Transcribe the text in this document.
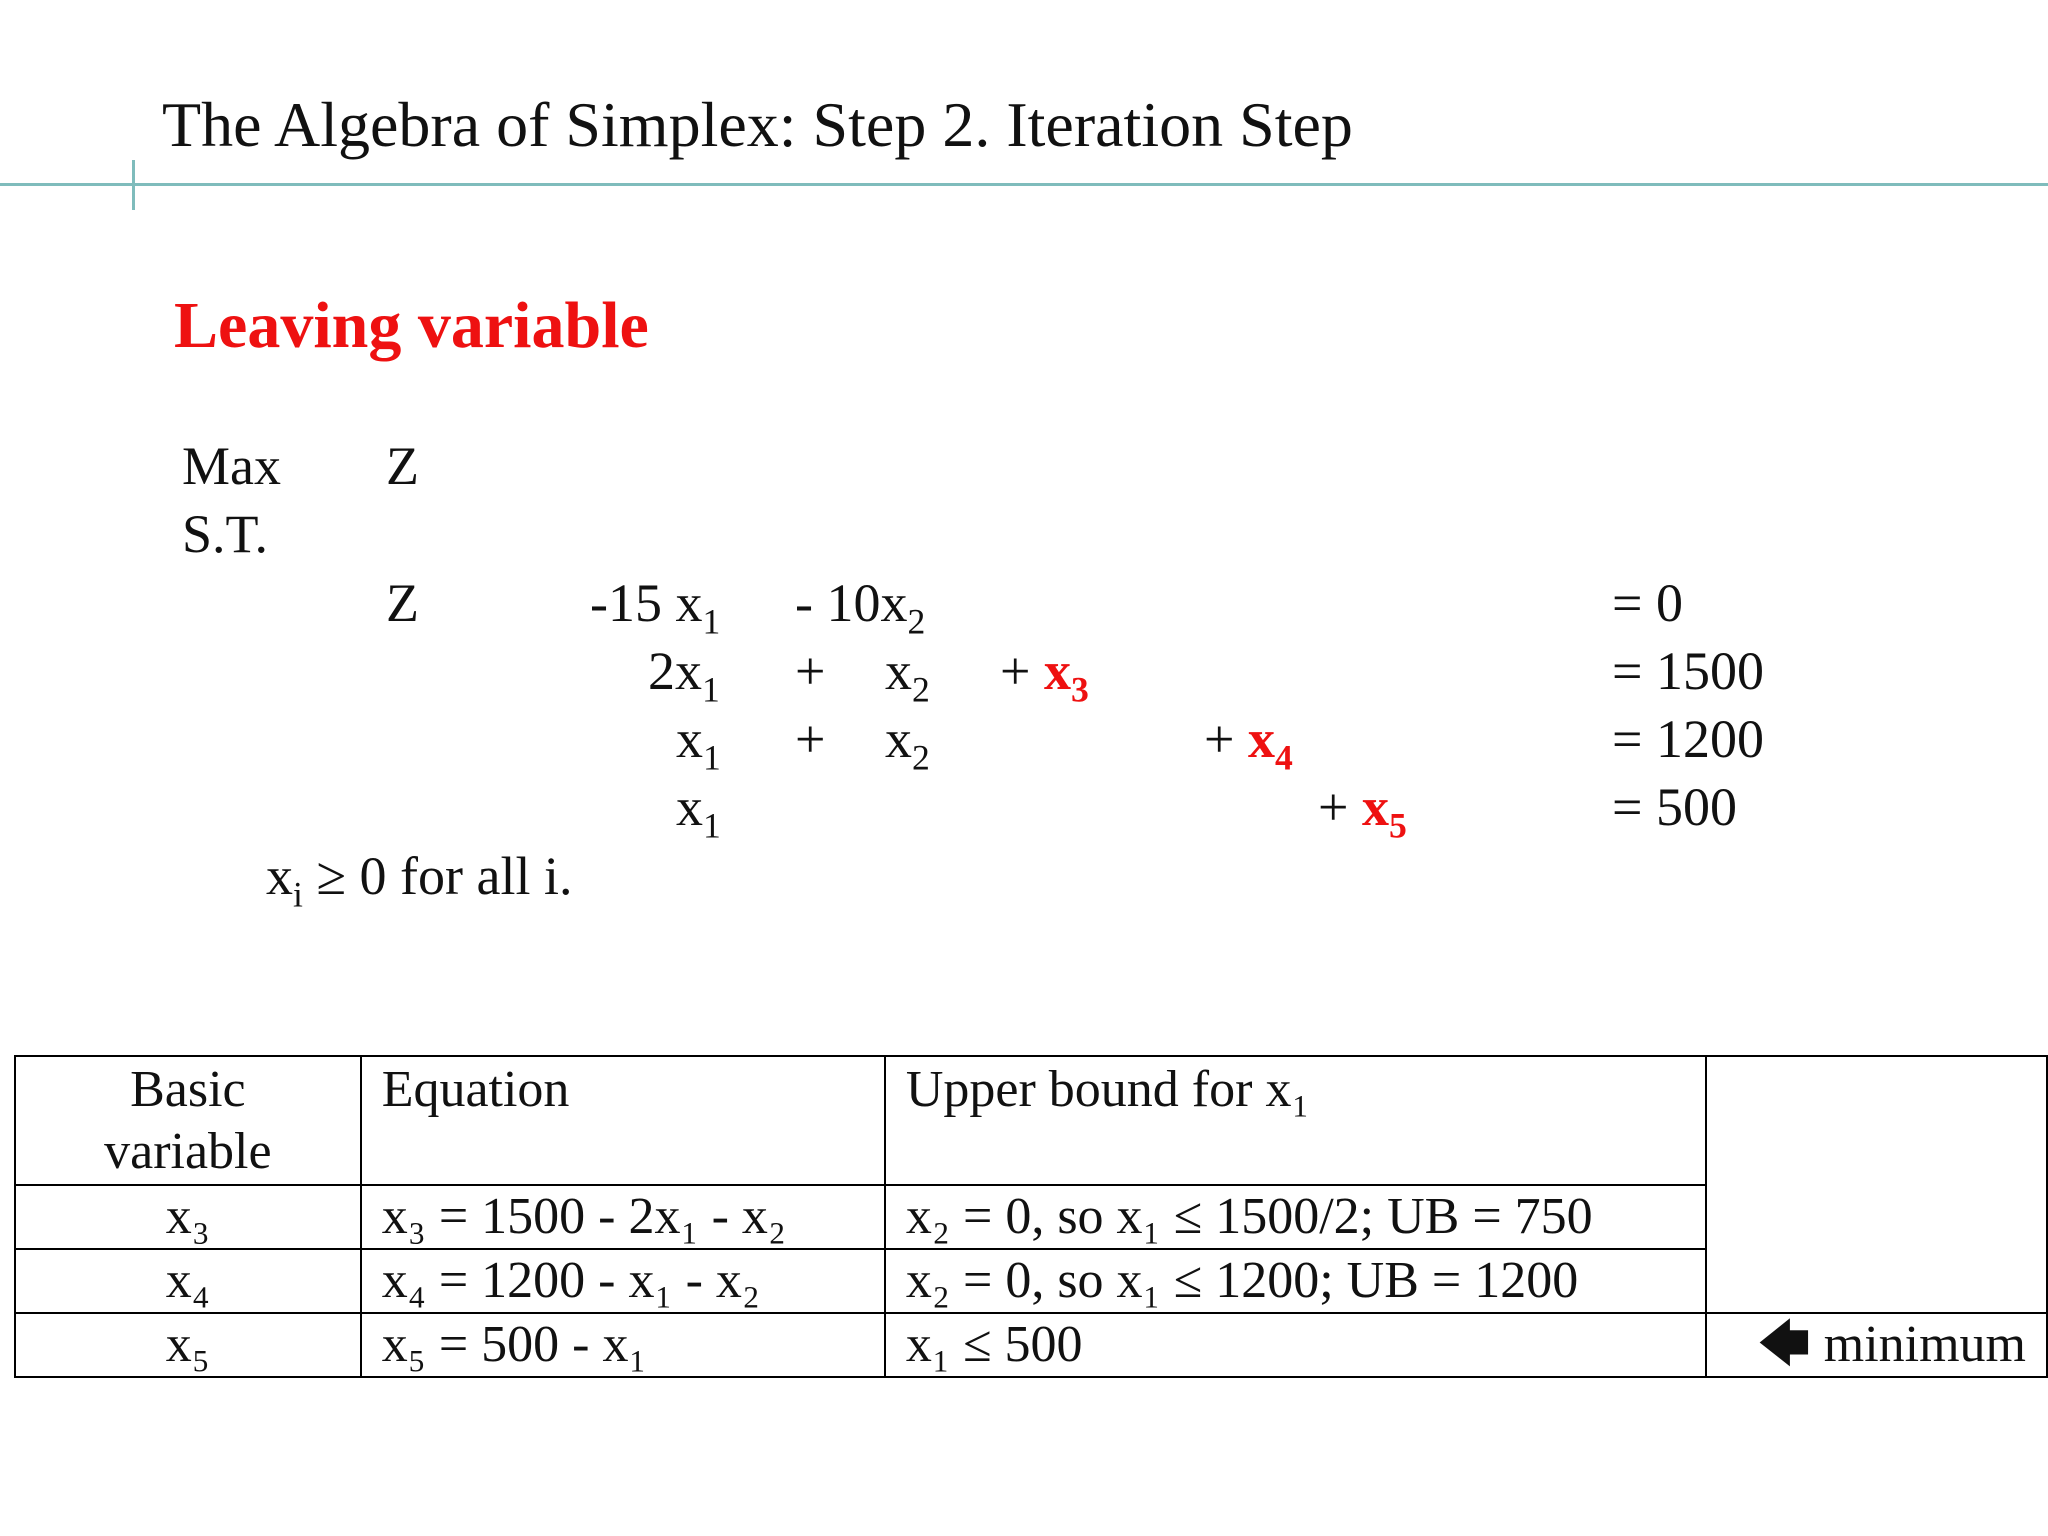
The Algebra of Simplex: Step 2. Iteration Step
Leaving variable
Max Z
S.T.
Z	-15 $x_1 - 10x_2$	= 0
$2x_1 + x_2 + x_3$	= 1500
$x_1 + x_2$	+ $x_4$	= 1200
$x_1$	+ $x_5$	= 500
$x_i \ge 0$ for all i.
Basic
variable	Equation	Upper bound for x₁	
x₃	x₃ = 1500 - 2x₁ - x₂	x₂ = 0, so x₁ ≤ 1500/2; UB = 750	
x₄	x₄ = 1200 - x₁ - x₂	x₂ = 0, so x₁ ≤ 1200; UB = 1200	
x₅	x₅ = 500 - x₁	x₁ ≤ 500	🡄 minimum
